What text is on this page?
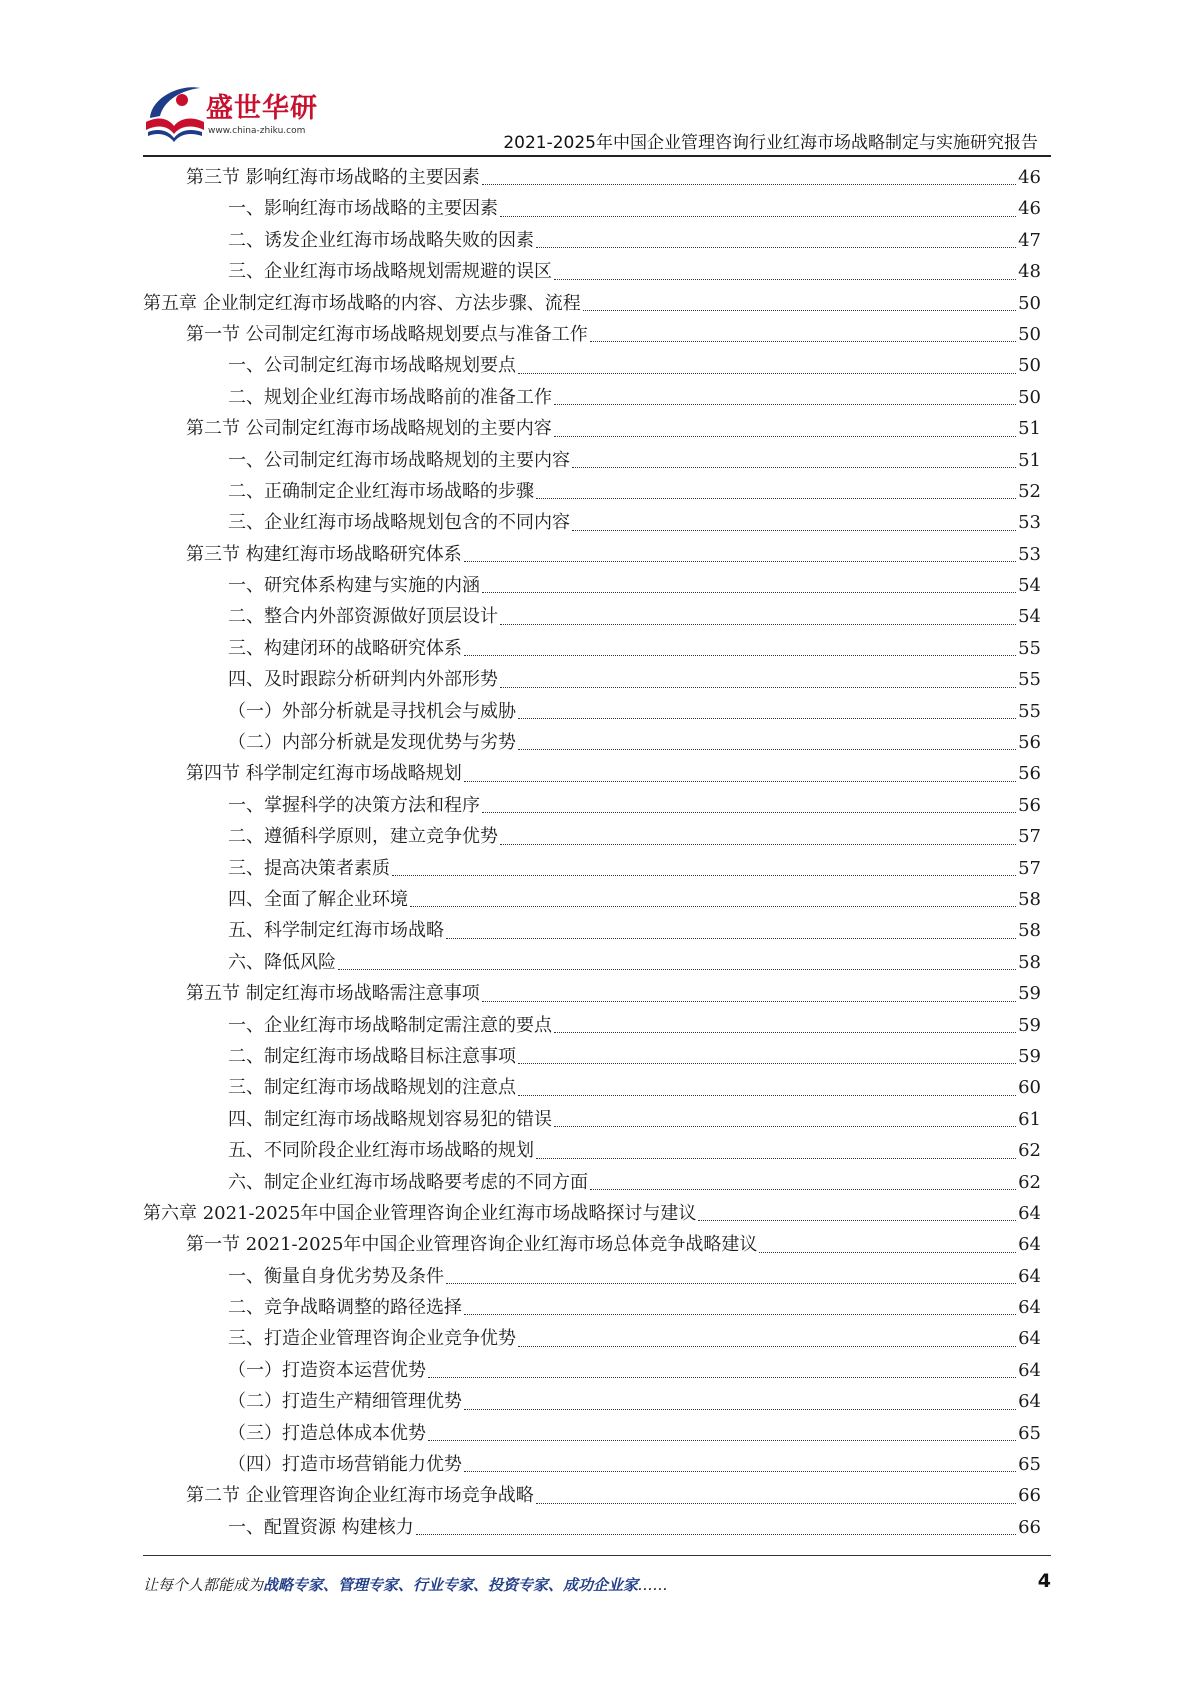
盛世华研
www.china-zhiku.com
2021-2025年中国企业管理咨询行业红海市场战略制定与实施研究报告
第三节 影响红海市场战略的主要因素	46
一、影响红海市场战略的主要因素	46
二、诱发企业红海市场战略失败的因素	47
三、企业红海市场战略规划需规避的误区	48
第五章 企业制定红海市场战略的内容、方法步骤、流程	50
第一节 公司制定红海市场战略规划要点与准备工作	50
一、公司制定红海市场战略规划要点	50
二、规划企业红海市场战略前的准备工作	50
第二节 公司制定红海市场战略规划的主要内容	51
一、公司制定红海市场战略规划的主要内容	51
二、正确制定企业红海市场战略的步骤	52
三、企业红海市场战略规划包含的不同内容	53
第三节 构建红海市场战略研究体系	53
一、研究体系构建与实施的内涵	54
二、整合内外部资源做好顶层设计	54
三、构建闭环的战略研究体系	55
四、及时跟踪分析研判内外部形势	55
（一）外部分析就是寻找机会与威胁	55
（二）内部分析就是发现优势与劣势	56
第四节 科学制定红海市场战略规划	56
一、掌握科学的决策方法和程序	56
二、遵循科学原则，建立竞争优势	57
三、提高决策者素质	57
四、全面了解企业环境	58
五、科学制定红海市场战略	58
六、降低风险	58
第五节 制定红海市场战略需注意事项	59
一、企业红海市场战略制定需注意的要点	59
二、制定红海市场战略目标注意事项	59
三、制定红海市场战略规划的注意点	60
四、制定红海市场战略规划容易犯的错误	61
五、不同阶段企业红海市场战略的规划	62
六、制定企业红海市场战略要考虑的不同方面	62
第六章 2021-2025年中国企业管理咨询企业红海市场战略探讨与建议	64
第一节 2021-2025年中国企业管理咨询企业红海市场总体竞争战略建议	64
一、衡量自身优劣势及条件	64
二、竞争战略调整的路径选择	64
三、打造企业管理咨询企业竞争优势	64
（一）打造资本运营优势	64
（二）打造生产精细管理优势	64
（三）打造总体成本优势	65
（四）打造市场营销能力优势	65
第二节 企业管理咨询企业红海市场竞争战略	66
一、配置资源 构建核力	66
让每个人都能成为战略专家、管理专家、行业专家、投资专家、成功企业家……	4
